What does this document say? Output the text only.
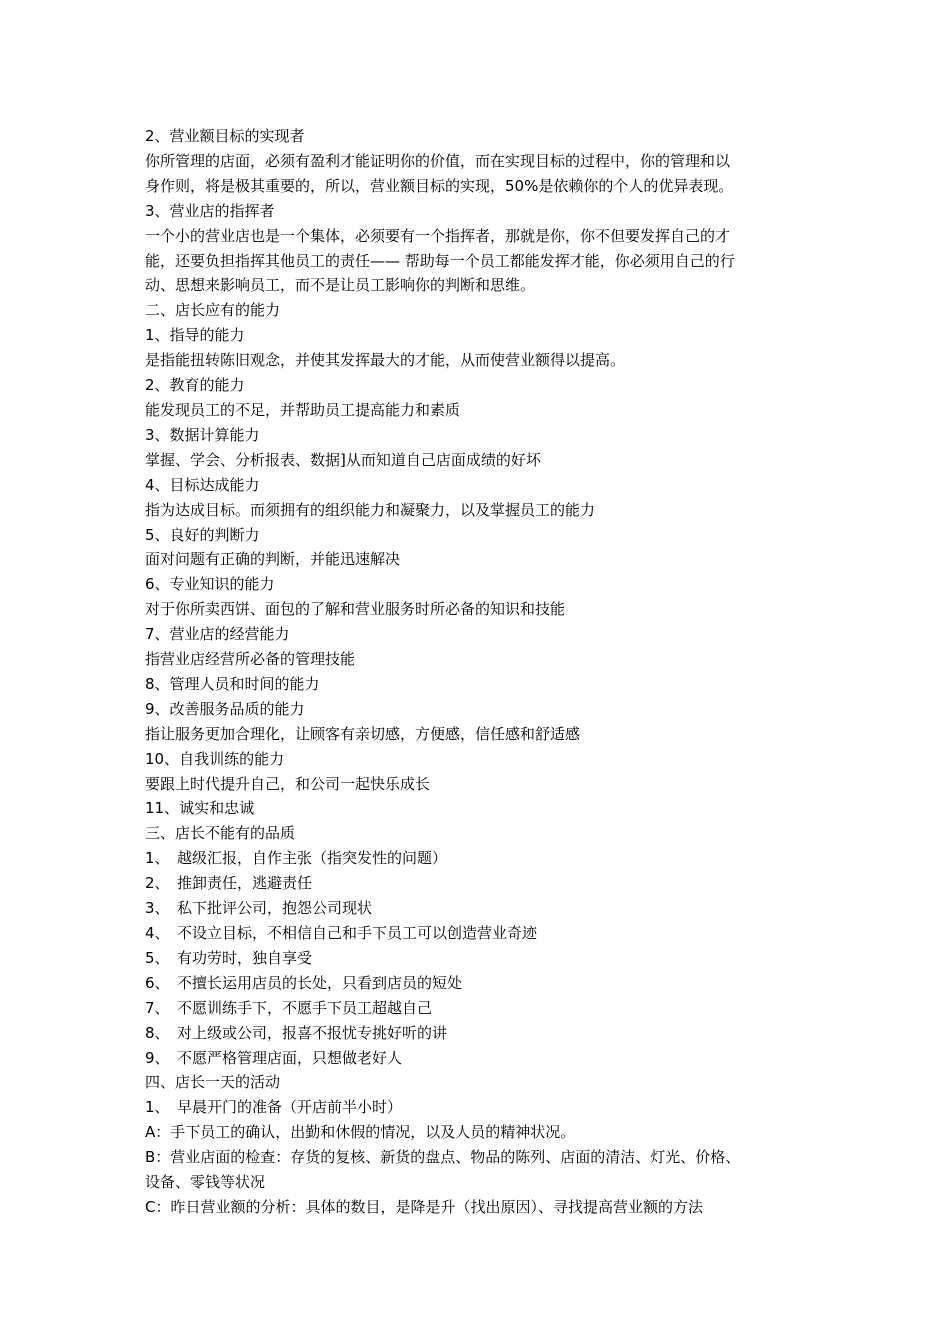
2、营业额目标的实现者

你所管理的店面，必须有盈利才能证明你的价值，而在实现目标的过程中，你的管理和以

身作则，将是极其重要的，所以，营业额目标的实现，50%是依赖你的个人的优异表现。

3、营业店的指挥者

一个小的营业店也是一个集体，必须要有一个指挥者，那就是你，你不但要发挥自己的才

能，还要负担指挥其他员工的责任—— 帮助每一个员工都能发挥才能，你必须用自己的行

动、思想来影响员工，而不是让员工影响你的判断和思维。

二、店长应有的能力

1、指导的能力

是指能扭转陈旧观念，并使其发挥最大的才能，从而使营业额得以提高。

2、教育的能力

能发现员工的不足，并帮助员工提高能力和素质

3、数据计算能力

掌握、学会、分析报表、数据]从而知道自己店面成绩的好坏

4、目标达成能力

指为达成目标。而须拥有的组织能力和凝聚力，以及掌握员工的能力

5、良好的判断力

面对问题有正确的判断，并能迅速解决

6、专业知识的能力

对于你所卖西饼、面包的了解和营业服务时所必备的知识和技能

7、营业店的经营能力

指营业店经营所必备的管理技能

8、管理人员和时间的能力

9、改善服务品质的能力

指让服务更加合理化，让顾客有亲切感，方便感，信任感和舒适感

10、自我训练的能力

要跟上时代提升自己，和公司一起快乐成长

11、诚实和忠诚

三、店长不能有的品质

1、　越级汇报，自作主张（指突发性的问题）

2、　推卸责任，逃避责任

3、　私下批评公司，抱怨公司现状

4、　不设立目标，不相信自己和手下员工可以创造营业奇迹

5、　有功劳时，独自享受

6、　不擅长运用店员的长处，只看到店员的短处

7、　不愿训练手下，不愿手下员工超越自己

8、　对上级或公司，报喜不报忧专挑好听的讲

9、　不愿严格管理店面，只想做老好人

四、店长一天的活动

1、　早晨开门的准备（开店前半小时）

A：手下员工的确认，出勤和休假的情况，以及人员的精神状况。

B：营业店面的检查：存货的复核、新货的盘点、物品的陈列、店面的清洁、灯光、价格、

设备、零钱等状况

C：昨日营业额的分析：具体的数目，是降是升（找出原因）、寻找提高营业额的方法
